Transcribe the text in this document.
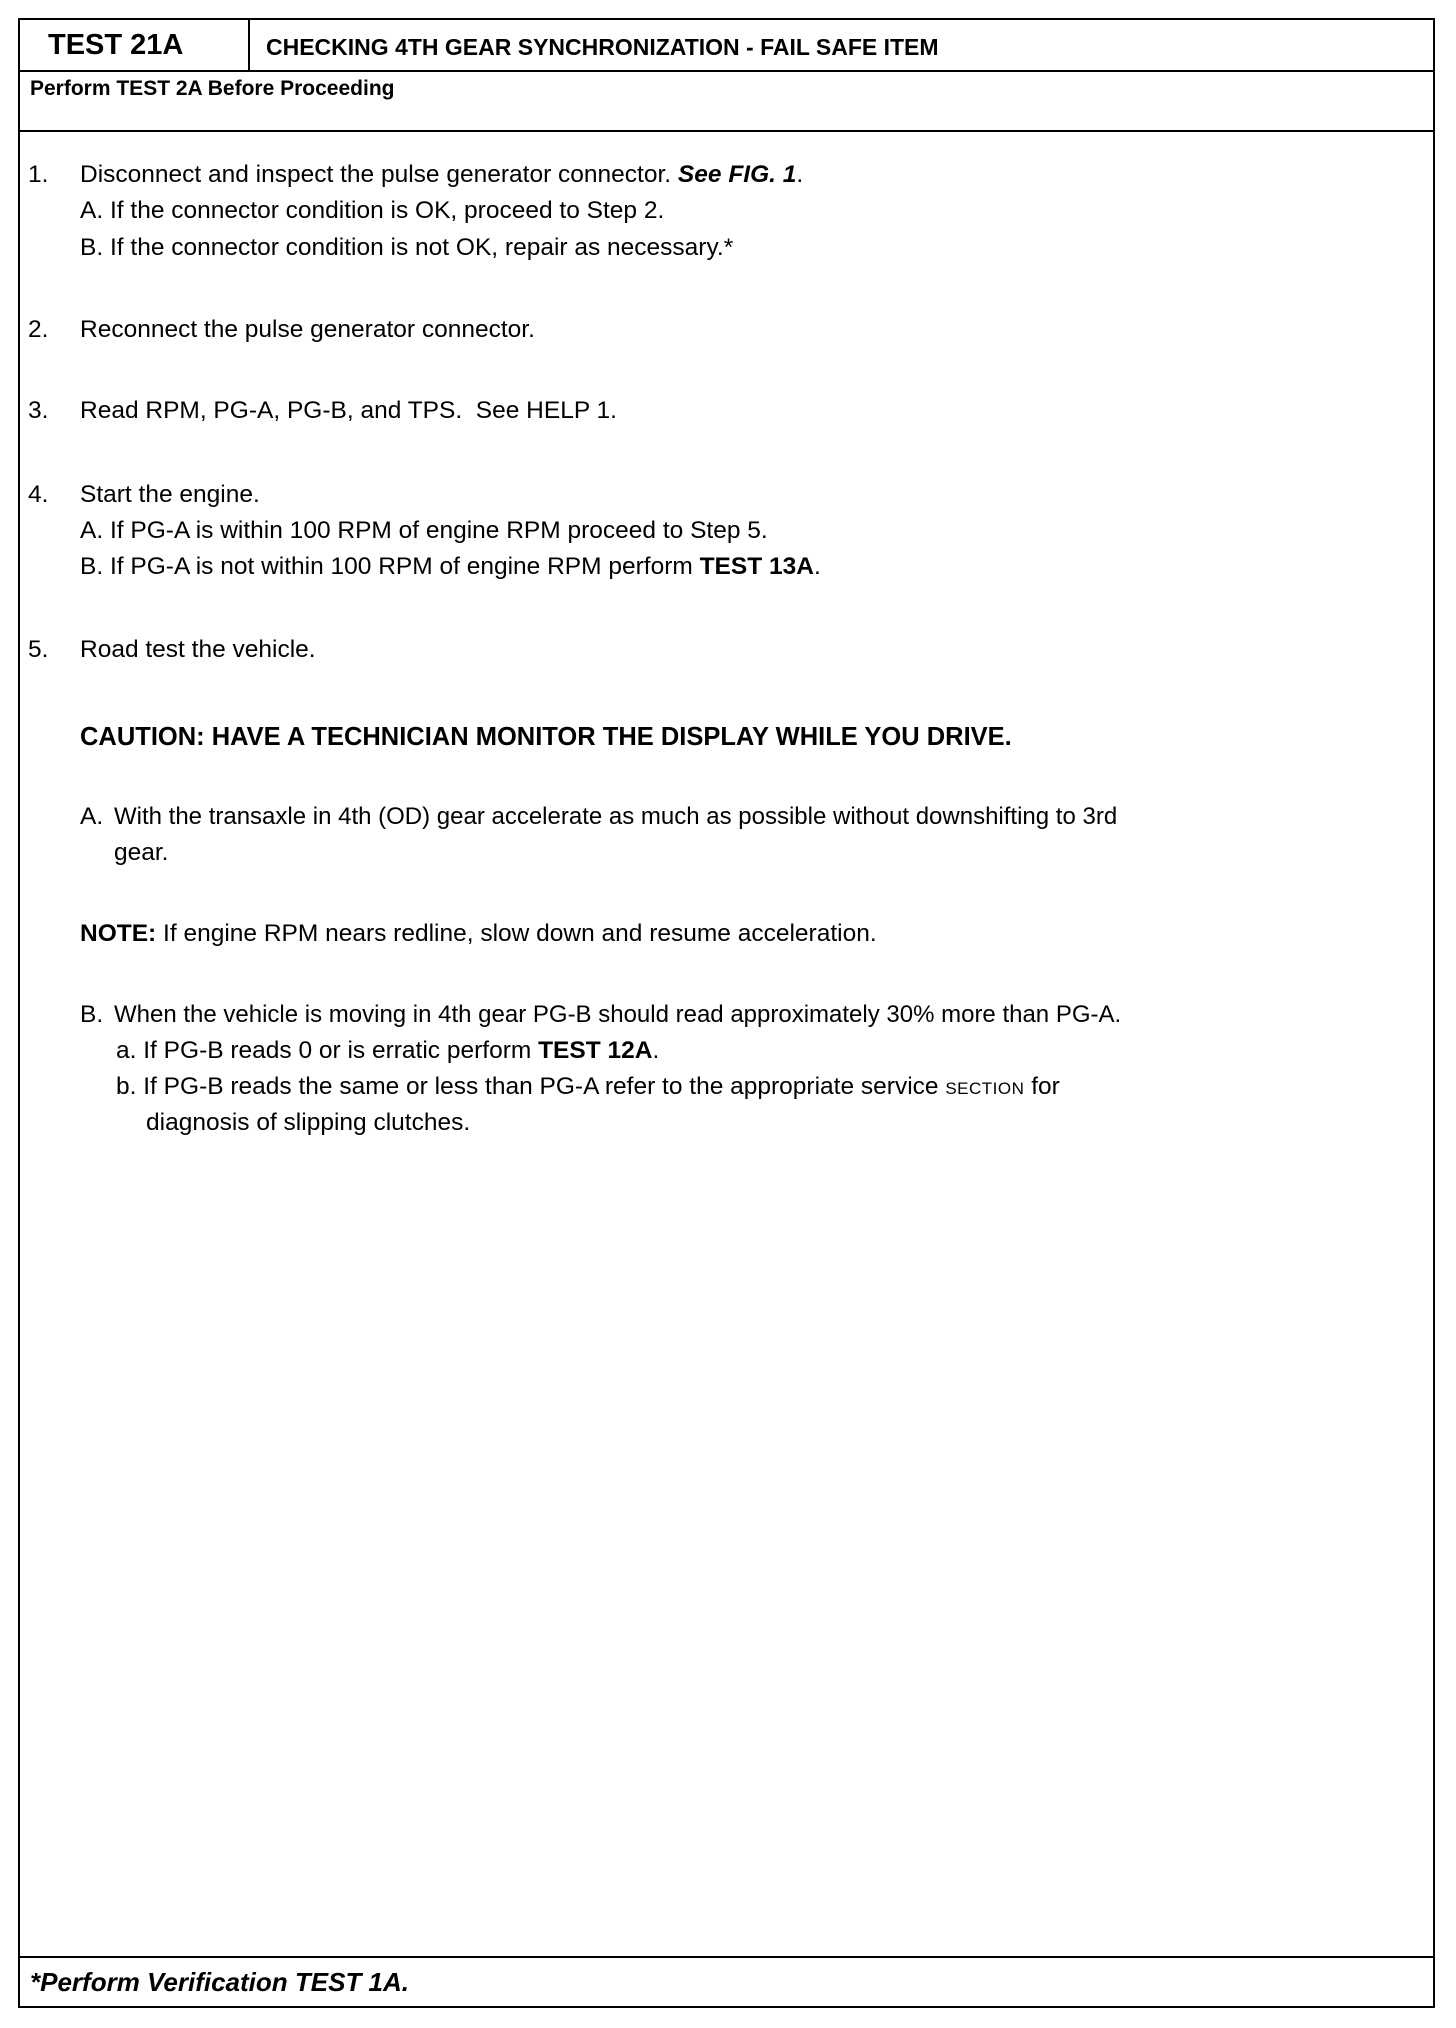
TEST 21A	CHECKING 4TH GEAR SYNCHRONIZATION - FAIL SAFE ITEM
Perform TEST 2A Before Proceeding
1. Disconnect and inspect the pulse generator connector. See FIG. 1.
A. If the connector condition is OK, proceed to Step 2.
B. If the connector condition is not OK, repair as necessary.*
2. Reconnect the pulse generator connector.
3. Read RPM, PG-A, PG-B, and TPS.  See HELP 1.
4. Start the engine.
A. If PG-A is within 100 RPM of engine RPM proceed to Step 5.
B. If PG-A is not within 100 RPM of engine RPM perform TEST 13A.
5. Road test the vehicle.
CAUTION: HAVE A TECHNICIAN MONITOR THE DISPLAY WHILE YOU DRIVE.
A. With the transaxle in 4th (OD) gear accelerate as much as possible without downshifting to 3rd
gear.
NOTE: If engine RPM nears redline, slow down and resume acceleration.
B. When the vehicle is moving in 4th gear PG-B should read approximately 30% more than PG-A.
a. If PG-B reads 0 or is erratic perform TEST 12A.
b. If PG-B reads the same or less than PG-A refer to the appropriate service SECTION for
diagnosis of slipping clutches.
*Perform Verification TEST 1A.
